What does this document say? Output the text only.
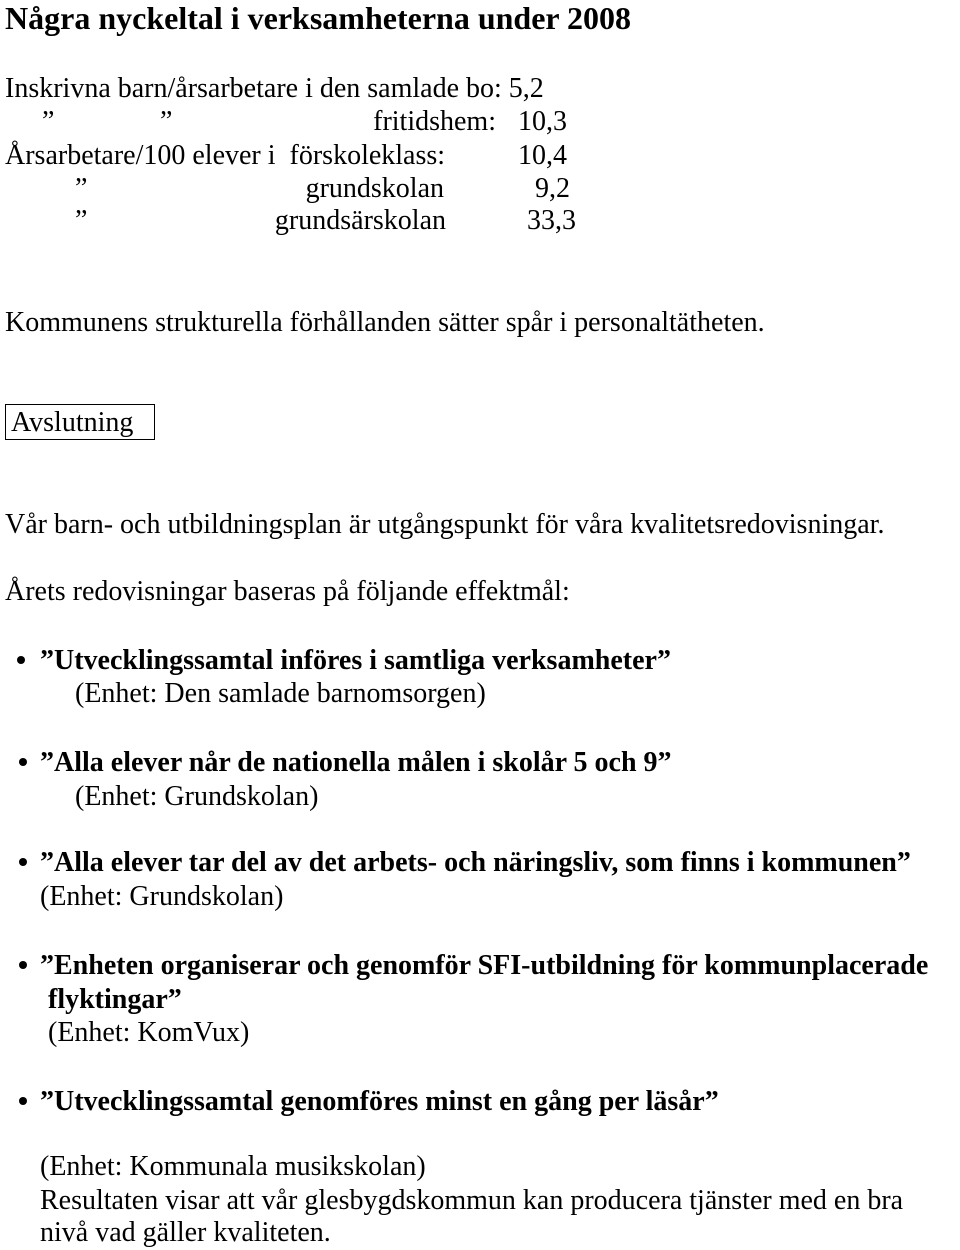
Några nyckeltal i verksamheterna under 2008
Inskrivna barn/årsarbetare i den samlade bo: 5,2
”	”	fritidshem: 10,3
Årsarbetare/100 elever i  förskoleklass:	10,4
”	grundskolan	9,2
”	grundsärskolan	33,3
Kommunens strukturella förhållanden sätter spår i personaltätheten.
Avslutning
Vår barn- och utbildningsplan är utgångspunkt för våra kvalitetsredovisningar.
Årets redovisningar baseras på följande effektmål:
”Utvecklingssamtal införes i samtliga verksamheter”
(Enhet: Den samlade barnomsorgen)
”Alla elever når de nationella målen i skolår 5 och 9”
(Enhet: Grundskolan)
”Alla elever tar del av det arbets- och näringsliv, som finns i kommunen”
(Enhet: Grundskolan)
”Enheten organiserar och genomför SFI-utbildning för kommunplacerade
flyktingar”
(Enhet: KomVux)
”Utvecklingssamtal genomföres minst en gång per läsår”
(Enhet: Kommunala musikskolan)
Resultaten visar att vår glesbygdskommun kan producera tjänster med en bra
nivå vad gäller kvaliteten.
